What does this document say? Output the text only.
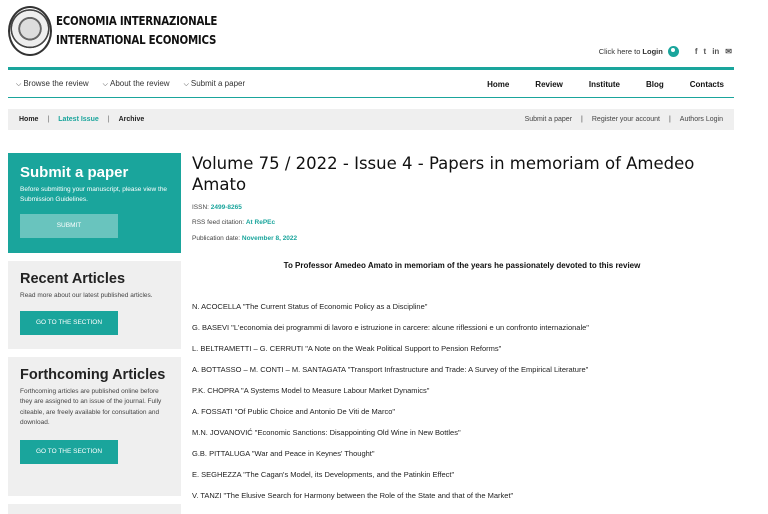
ECONOMIA INTERNAZIONALE
INTERNATIONAL ECONOMICS
Click here to Login	f t in ✉
⌵ Browse the review ⌵ About the review ⌵ Submit a paper	Home	Review	Institute	Blog	Contacts
Home | Latest Issue | Archive	Submit a paper | Register your account | Authors Login
Submit a paper

Before submitting your manuscript, please view the Submission Guidelines.

SUBMIT
Recent Articles

Read more about our latest published articles.

GO TO THE SECTION
Forthcoming Articles

Forthcoming articles are published online before they are assigned to an issue of the journal. Fully citeable, are freely available for consultation and download.

GO TO THE SECTION
Volume 75 / 2022 - Issue 4 - Papers in memoriam of Amedeo Amato
ISSN: 2499-8265
RSS feed citation: At RePEc
Publication date: November 8, 2022
To Professor Amedeo Amato in memoriam of the years he passionately devoted to this review
N. ACOCELLA "The Current Status of Economic Policy as a Discipline"
G. BASEVI "L'economia dei programmi di lavoro e istruzione in carcere: alcune riflessioni e un confronto internazionale"
L. BELTRAMETTI – G. CERRUTI "A Note on the Weak Political Support to Pension Reforms"
A. BOTTASSO – M. CONTI – M. SANTAGATA "Transport Infrastructure and Trade: A Survey of the Empirical Literature"
P.K. CHOPRA "A Systems Model to Measure Labour Market Dynamics"
A. FOSSATI "Of Public Choice and Antonio De Viti de Marco"
M.N. JOVANOVIĆ "Economic Sanctions: Disappointing Old Wine in New Bottles"
G.B. PITTALUGA "War and Peace in Keynes' Thought"
E. SEGHEZZA "The Cagan's Model, its Developments, and the Patinkin Effect"
V. TANZI "The Elusive Search for Harmony between the Role of the State and that of the Market"
